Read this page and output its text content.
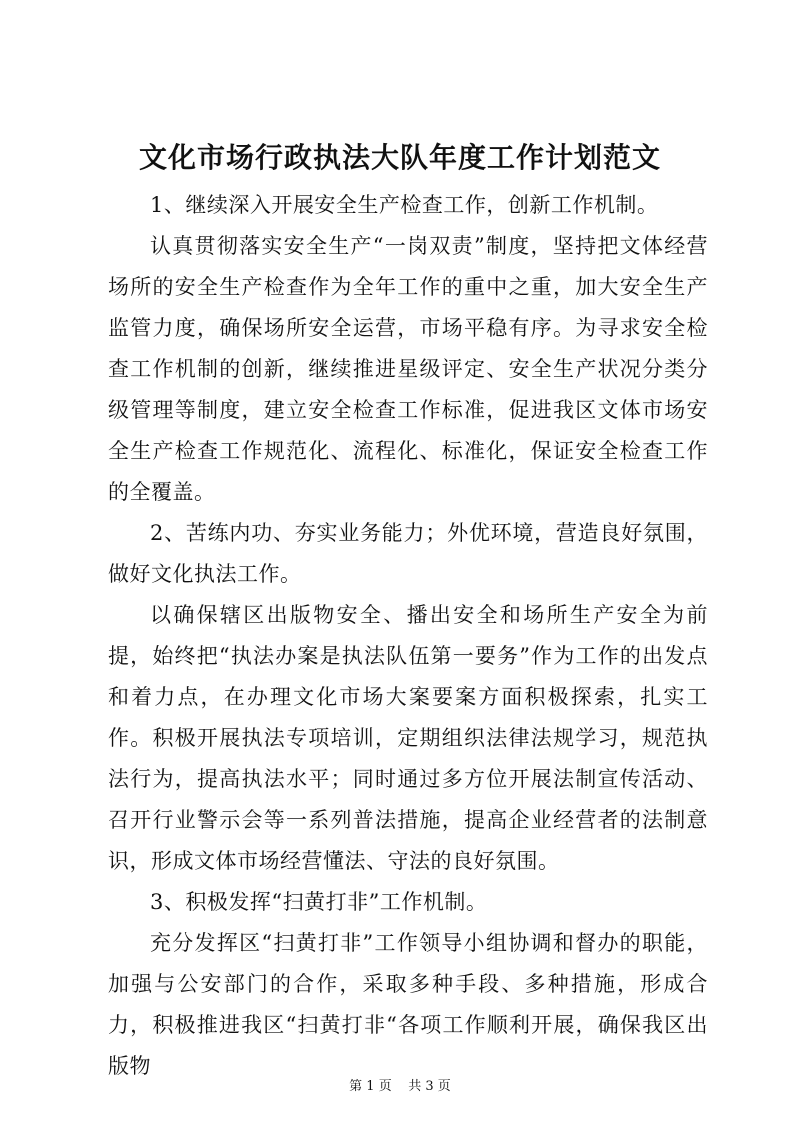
文化市场行政执法大队年度工作计划范文

1、继续深入开展安全生产检查工作，创新工作机制。

认真贯彻落实安全生产“一岗双责”制度，坚持把文体经营场所的安全生产检查作为全年工作的重中之重，加大安全生产监管力度，确保场所安全运营，市场平稳有序。为寻求安全检查工作机制的创新，继续推进星级评定、安全生产状况分类分级管理等制度，建立安全检查工作标准，促进我区文体市场安全生产检查工作规范化、流程化、标准化，保证安全检查工作的全覆盖。

2、苦练内功、夯实业务能力；外优环境，营造良好氛围，做好文化执法工作。

以确保辖区出版物安全、播出安全和场所生产安全为前提，始终把“执法办案是执法队伍第一要务”作为工作的出发点和着力点，在办理文化市场大案要案方面积极探索，扎实工作。积极开展执法专项培训，定期组织法律法规学习，规范执法行为，提高执法水平；同时通过多方位开展法制宣传活动、召开行业警示会等一系列普法措施，提高企业经营者的法制意识，形成文体市场经营懂法、守法的良好氛围。

3、积极发挥“扫黄打非”工作机制。

充分发挥区“扫黄打非”工作领导小组协调和督办的职能，加强与公安部门的合作，采取多种手段、多种措施，形成合力，积极推进我区“扫黄打非“各项工作顺利开展，确保我区出版物

第 1 页 共 3 页
